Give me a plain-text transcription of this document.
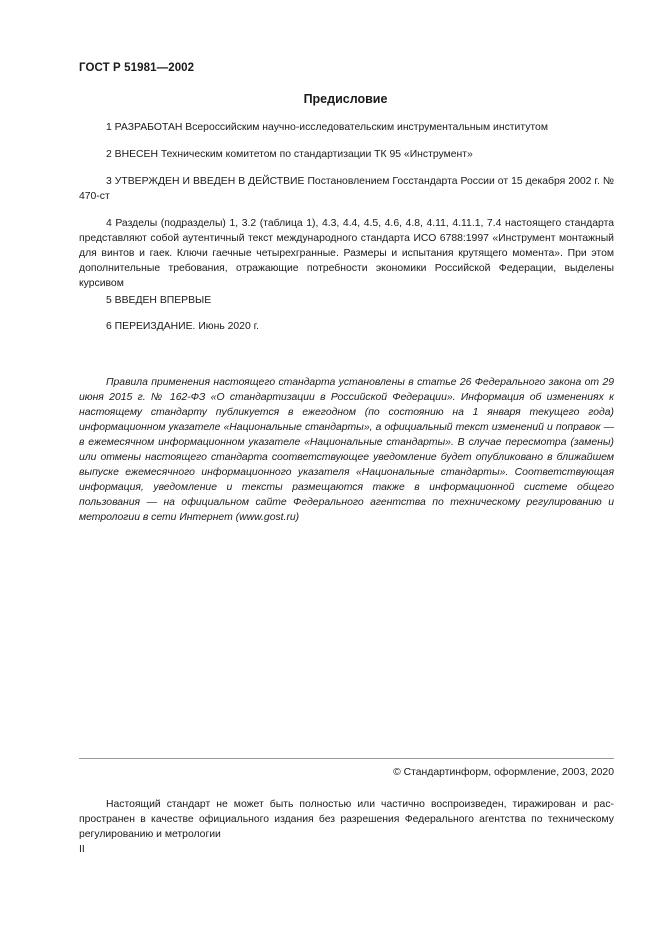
ГОСТ Р 51981—2002
Предисловие

1 РАЗРАБОТАН Всероссийским научно-исследовательским инструментальным институтом

2 ВНЕСЕН Техническим комитетом по стандартизации ТК 95 «Инструмент»

3 УТВЕРЖДЕН И ВВЕДЕН В ДЕЙСТВИЕ Постановлением Госстандарта России от 15 декабря 2002 г. № 470-ст

4 Разделы (подразделы) 1, 3.2 (таблица 1), 4.3, 4.4, 4.5, 4.6, 4.8, 4.11, 4.11.1, 7.4 настоящего стандарта представляют собой аутентичный текст международного стандарта ИСО 6788:1997 «Инструмент монтажный для винтов и гаек. Ключи гаечные четырехгранные. Размеры и испытания крутящего момента». При этом дополнительные требования, отражающие потребности экономики Российской Федерации, выделены курсивом

5 ВВЕДЕН ВПЕРВЫЕ

6 ПЕРЕИЗДАНИЕ. Июнь 2020 г.

Правила применения настоящего стандарта установлены в статье 26 Федерального закона от 29 июня 2015 г. № 162-ФЗ «О стандартизации в Российской Федерации». Информация об изменениях к настоящему стандарту публикуется в ежегодном (по состоянию на 1 января текущего года) информационном указателе «Национальные стандарты», а официальный текст изменений и поправок — в ежемесячном информационном указателе «Национальные стандарты». В случае пересмотра (замены) или отмены настоящего стандарта соответствующее уведомление будет опубликовано в ближайшем выпуске ежемесячного информационного указателя «Национальные стандарты». Соответствующая информация, уведомление и тексты размещаются также в информационной системе общего пользования — на официальном сайте Федерального агентства по техническому регулированию и метрологии в сети Интернет (www.gost.ru)

© Стандартинформ, оформление, 2003, 2020

Настоящий стандарт не может быть полностью или частично воспроизведен, тиражирован и распространен в качестве официального издания без разрешения Федерального агентства по техническому регулированию и метрологии

II
